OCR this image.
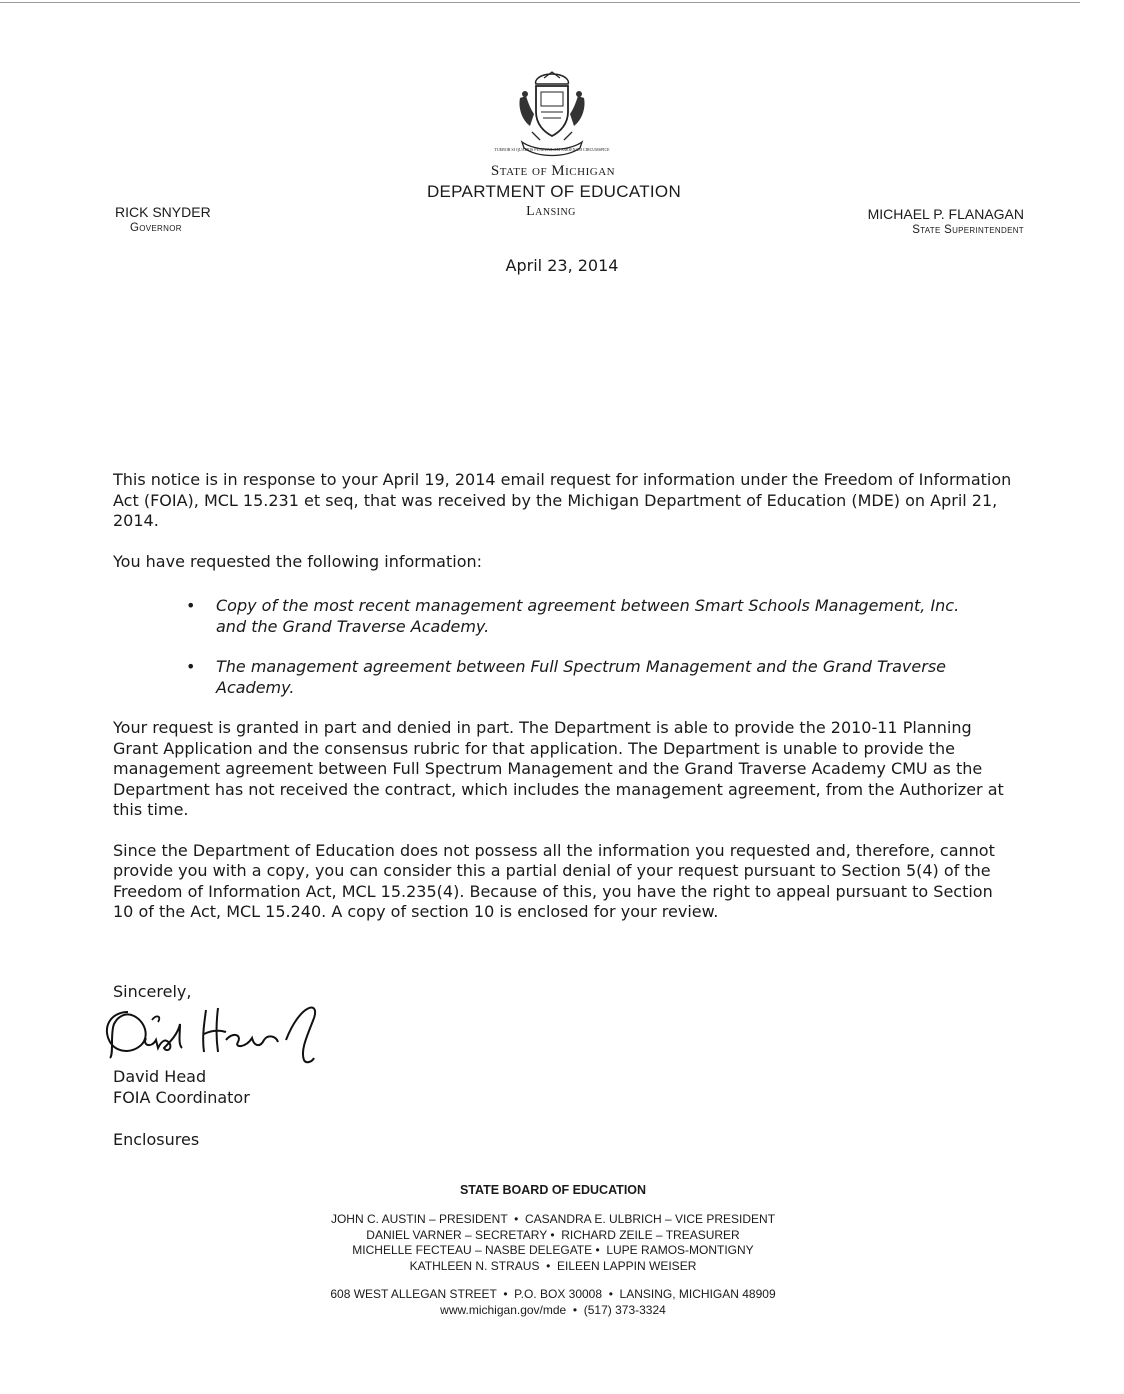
TUEBOR SI QUAERIS PENINSULAM AMOENAM CIRCUMSPICE
State of Michigan
DEPARTMENT OF EDUCATION
Lansing
RICK SNYDER
Governor
MICHAEL P. FLANAGAN
State Superintendent
April 23, 2014

This notice is in response to your April 19, 2014 email request for information under the Freedom of Information Act (FOIA), MCL 15.231 et seq, that was received by the Michigan Department of Education (MDE) on April 21, 2014.

You have requested the following information:

• Copy of the most recent management agreement between Smart Schools Management, Inc. and the Grand Traverse Academy.
• The management agreement between Full Spectrum Management and the Grand Traverse Academy.

Your request is granted in part and denied in part. The Department is able to provide the 2010-11 Planning Grant Application and the consensus rubric for that application. The Department is unable to provide the management agreement between Full Spectrum Management and the Grand Traverse Academy CMU as the Department has not received the contract, which includes the management agreement, from the Authorizer at this time.

Since the Department of Education does not possess all the information you requested and, therefore, cannot provide you with a copy, you can consider this a partial denial of your request pursuant to Section 5(4) of the Freedom of Information Act, MCL 15.235(4). Because of this, you have the right to appeal pursuant to Section 10 of the Act, MCL 15.240. A copy of section 10 is enclosed for your review.

Sincerely,
David Head
FOIA Coordinator
Enclosures
STATE BOARD OF EDUCATION
JOHN C. AUSTIN – PRESIDENT  •  CASANDRA E. ULBRICH – VICE PRESIDENT
DANIEL VARNER – SECRETARY •  RICHARD ZEILE – TREASURER
MICHELLE FECTEAU – NASBE DELEGATE •  LUPE RAMOS-MONTIGNY
KATHLEEN N. STRAUS  •  EILEEN LAPPIN WEISER
608 WEST ALLEGAN STREET  •  P.O. BOX 30008  •  LANSING, MICHIGAN 48909
www.michigan.gov/mde  •  (517) 373-3324
